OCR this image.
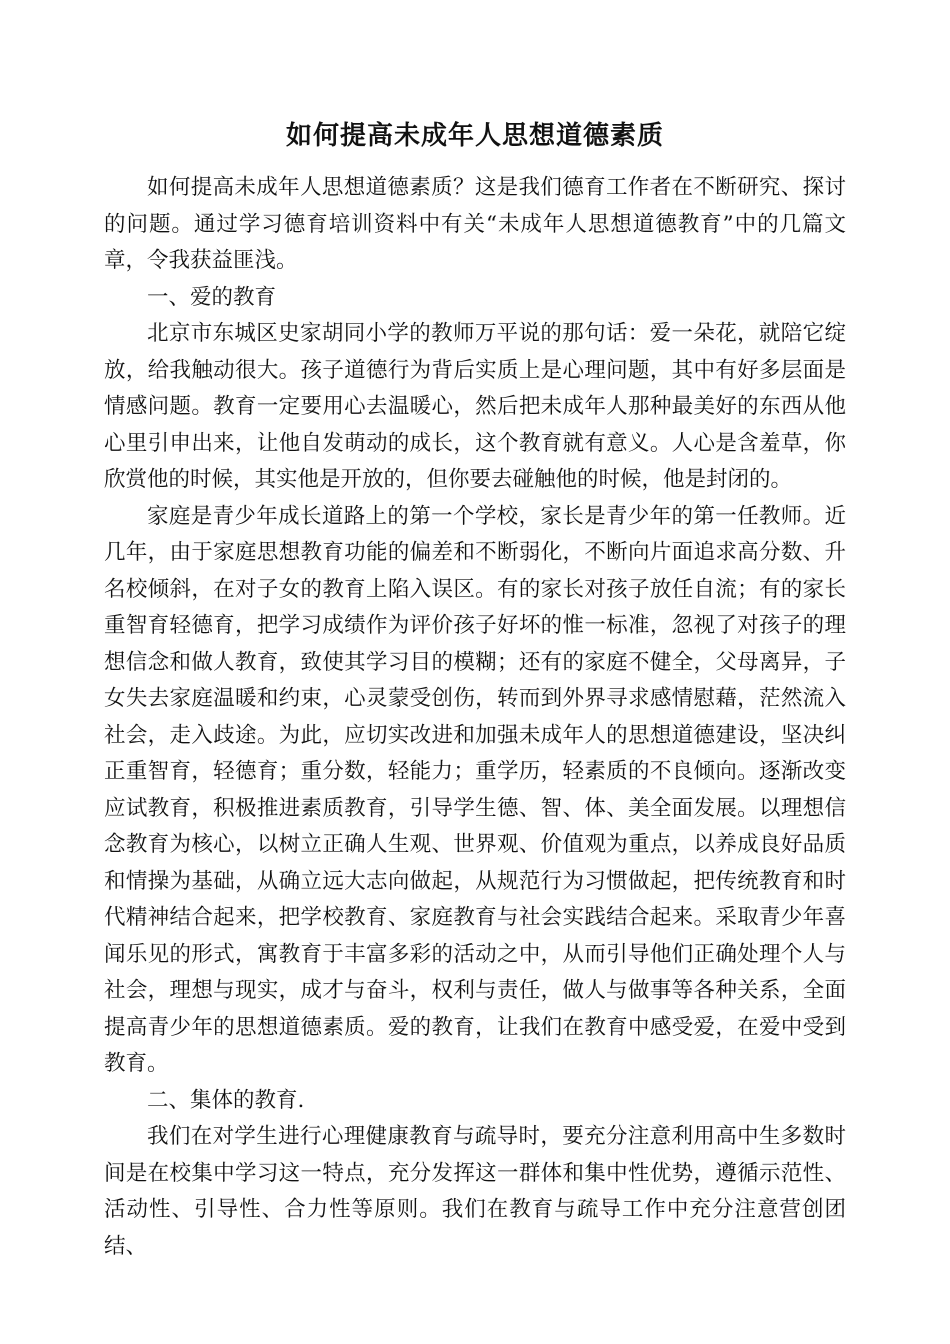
如何提高未成年人思想道德素质

如何提高未成年人思想道德素质？这是我们德育工作者在不断研究、探讨的问题。通过学习德育培训资料中有关“未成年人思想道德教育”中的几篇文章，令我获益匪浅。

一、爱的教育

北京市东城区史家胡同小学的教师万平说的那句话：爱一朵花，就陪它绽放，给我触动很大。孩子道德行为背后实质上是心理问题，其中有好多层面是情感问题。教育一定要用心去温暖心，然后把未成年人那种最美好的东西从他心里引申出来，让他自发萌动的成长，这个教育就有意义。人心是含羞草，你欣赏他的时候，其实他是开放的，但你要去碰触他的时候，他是封闭的。

家庭是青少年成长道路上的第一个学校，家长是青少年的第一任教师。近几年，由于家庭思想教育功能的偏差和不断弱化，不断向片面追求高分数、升名校倾斜，在对子女的教育上陷入误区。有的家长对孩子放任自流；有的家长重智育轻德育，把学习成绩作为评价孩子好坏的惟一标准，忽视了对孩子的理想信念和做人教育，致使其学习目的模糊；还有的家庭不健全，父母离异，子女失去家庭温暖和约束，心灵蒙受创伤，转而到外界寻求感情慰藉，茫然流入社会，走入歧途。为此，应切实改进和加强未成年人的思想道德建设，坚决纠正重智育，轻德育；重分数，轻能力；重学历，轻素质的不良倾向。逐渐改变应试教育，积极推进素质教育，引导学生德、智、体、美全面发展。以理想信念教育为核心，以树立正确人生观、世界观、价值观为重点，以养成良好品质和情操为基础，从确立远大志向做起，从规范行为习惯做起，把传统教育和时代精神结合起来，把学校教育、家庭教育与社会实践结合起来。采取青少年喜闻乐见的形式，寓教育于丰富多彩的活动之中，从而引导他们正确处理个人与社会，理想与现实，成才与奋斗，权利与责任，做人与做事等各种关系，全面提高青少年的思想道德素质。爱的教育，让我们在教育中感受爱，在爱中受到教育。

二、集体的教育.

我们在对学生进行心理健康教育与疏导时，要充分注意利用高中生多数时间是在校集中学习这一特点，充分发挥这一群体和集中性优势，遵循示范性、活动性、引导性、合力性等原则。我们在教育与疏导工作中充分注意营创团结、
